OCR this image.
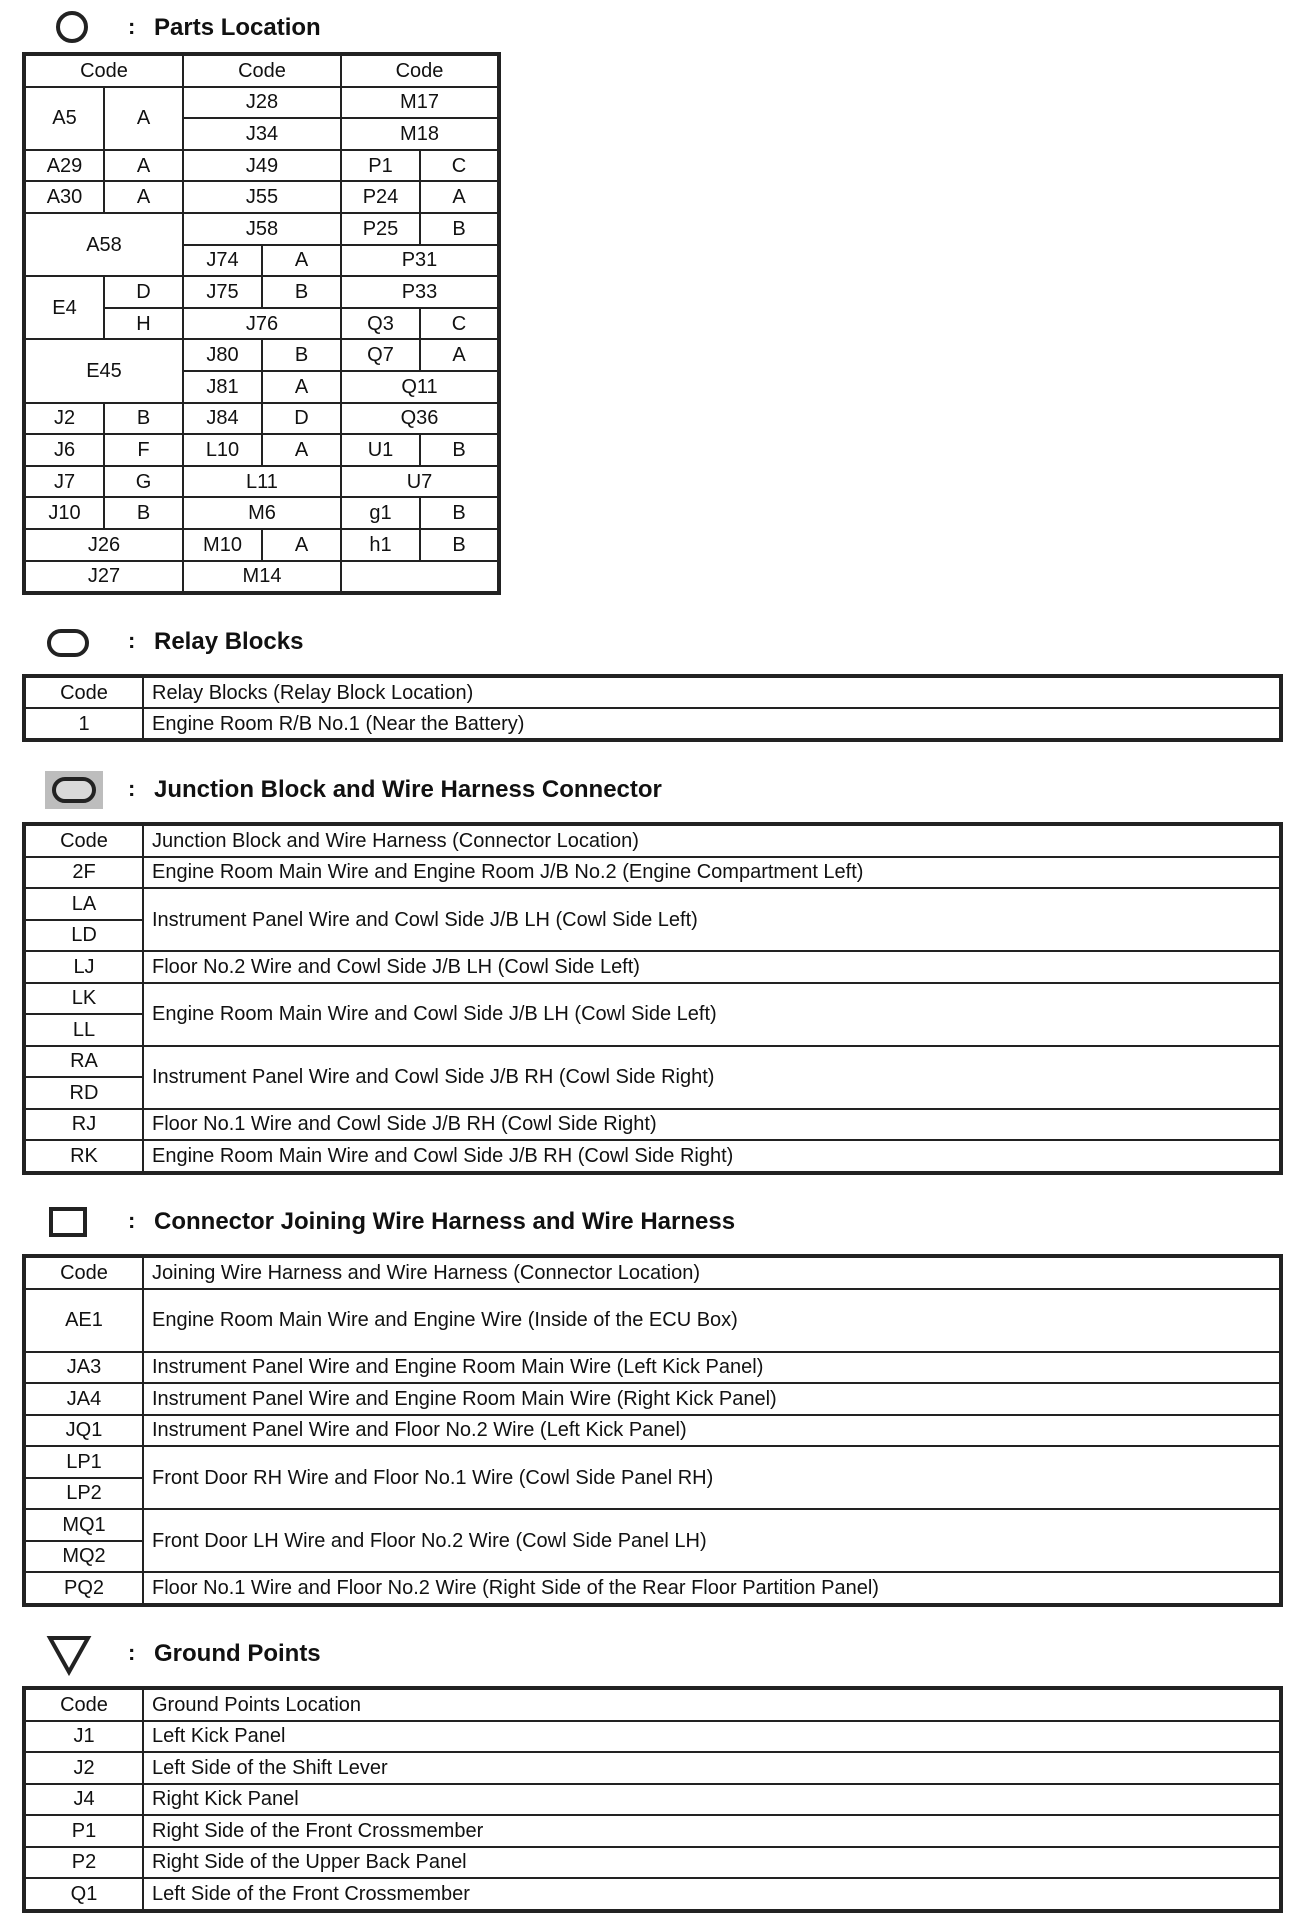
: Parts Location
Code		Code		Code	
A5	A	J28		M17	
		J34		M18	
A29	A	J49		P1	C
A30	A	J55		P24	A
A58		J58		P25	B
		J74	A	P31	
E4	D	J75	B	P33	
	H	J76		Q3	C
E45		J80	B	Q7	A
		J81	A	Q11	
J2	B	J84	D	Q36	
J6	F	L10	A	U1	B
J7	G	L11		U7	
J10	B	M6		g1	B
J26		M10	A	h1	B
J27		M14			
: Relay Blocks
Code	Relay Blocks (Relay Block Location)
1	Engine Room R/B No.1 (Near the Battery)
: Junction Block and Wire Harness Connector
Code	Junction Block and Wire Harness (Connector Location)
2F	Engine Room Main Wire and Engine Room J/B No.2 (Engine Compartment Left)
LA	Instrument Panel Wire and Cowl Side J/B LH (Cowl Side Left)
LD	
LJ	Floor No.2 Wire and Cowl Side J/B LH (Cowl Side Left)
LK	Engine Room Main Wire and Cowl Side J/B LH (Cowl Side Left)
LL	
RA	Instrument Panel Wire and Cowl Side J/B RH (Cowl Side Right)
RD	
RJ	Floor No.1 Wire and Cowl Side J/B RH (Cowl Side Right)
RK	Engine Room Main Wire and Cowl Side J/B RH (Cowl Side Right)
: Connector Joining Wire Harness and Wire Harness
Code	Joining Wire Harness and Wire Harness (Connector Location)
AE1	Engine Room Main Wire and Engine Wire (Inside of the ECU Box)
JA3	Instrument Panel Wire and Engine Room Main Wire (Left Kick Panel)
JA4	Instrument Panel Wire and Engine Room Main Wire (Right Kick Panel)
JQ1	Instrument Panel Wire and Floor No.2 Wire (Left Kick Panel)
LP1	Front Door RH Wire and Floor No.1 Wire (Cowl Side Panel RH)
LP2	
MQ1	Front Door LH Wire and Floor No.2 Wire (Cowl Side Panel LH)
MQ2	
PQ2	Floor No.1 Wire and Floor No.2 Wire (Right Side of the Rear Floor Partition Panel)
: Ground Points
Code	Ground Points Location
J1	Left Kick Panel
J2	Left Side of the Shift Lever
J4	Right Kick Panel
P1	Right Side of the Front Crossmember
P2	Right Side of the Upper Back Panel
Q1	Left Side of the Front Crossmember
